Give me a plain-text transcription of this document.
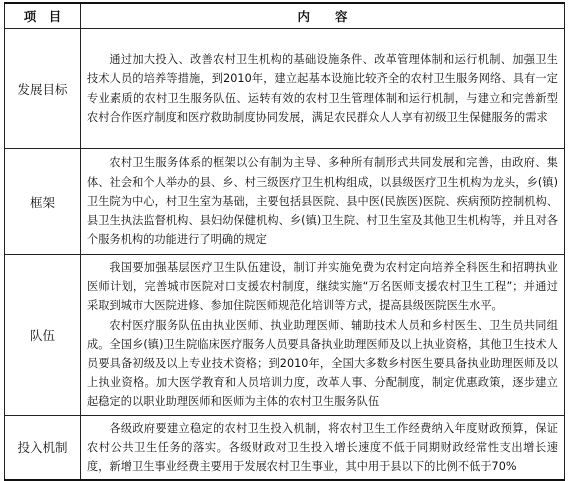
项　目	内　　容
发展目标	通过加大投入、改善农村卫生机构的基础设施条件、改革管理体制和运行机制、加强卫生技术人员的培养等措施，到2010年，建立起基本设施比较齐全的农村卫生服务网络、具有一定专业素质的农村卫生服务队伍、运转有效的农村卫生管理体制和运行机制，与建立和完善新型农村合作医疗制度和医疗救助制度协同发展，满足农民群众人人享有初级卫生保健服务的需求

框架	农村卫生服务体系的框架以公有制为主导、多种所有制形式共同发展和完善，由政府、集体、社会和个人举办的县、乡、村三级医疗卫生机构组成，以县级医疗卫生机构为龙头，乡(镇)卫生院为中心，村卫生室为基础，主要包括县医院、县中医(民族医)医院、疾病预防控制机构、县卫生执法监督机构、县妇幼保健机构、乡(镇)卫生院、村卫生室及其他卫生机构等，并且对各个服务机构的功能进行了明确的规定

队伍	我国要加强基层医疗卫生队伍建设，制订并实施免费为农村定向培养全科医生和招聘执业医师计划，完善城市医院对口支援农村制度，继续实施“万名医师支援农村卫生工程”；并通过采取到城市大医院进修、参加住院医师规范化培训等方式，提高县级医院医生水平。

农村医疗服务队伍由执业医师、执业助理医师、辅助技术人员和乡村医生、卫生员共同组成。全国乡(镇)卫生院临床医疗服务人员要具备执业助理医师及以上执业资格，其他卫生技术人员要具备初级及以上专业技术资格；到2010年，全国大多数乡村医生要具备执业助理医师及以上执业资格。加大医学教育和人员培训力度，改革人事、分配制度，制定优惠政策，逐步建立起稳定的以职业助理医师和医师为主体的农村卫生服务队伍

投入机制	各级政府要建立稳定的农村卫生投入机制，将农村卫生工作经费纳入年度财政预算，保证农村公共卫生任务的落实。各级财政对卫生投入增长速度不低于同期财政经常性支出增长速度，新增卫生事业经费主要用于发展农村卫生事业，其中用于县以下的比例不低于70%
